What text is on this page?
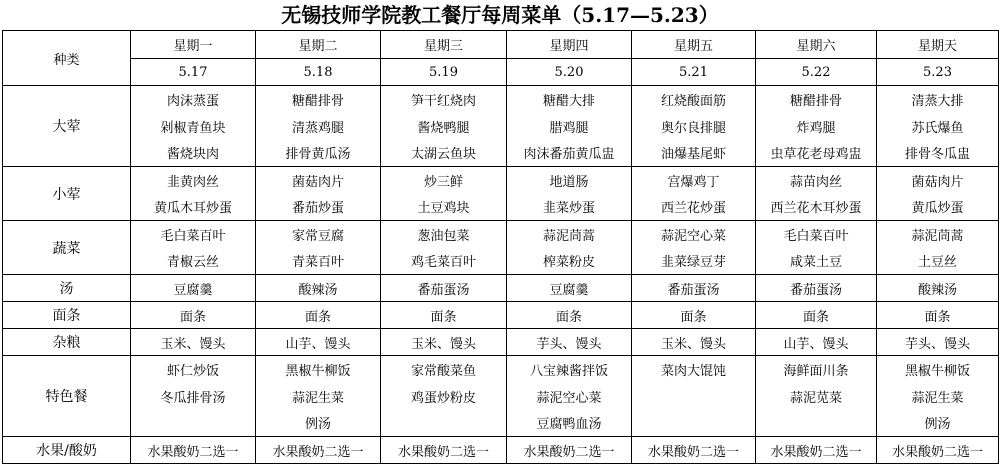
无锡技师学院教工餐厅每周菜单（5.17—5.23）
种类	星期一	星期二	星期三	星期四	星期五	星期六	星期天
	5.17	5.18	5.19	5.20	5.21	5.22	5.23
大荤	肉沫蒸蛋	糖醋排骨	笋干红烧肉	糖醋大排	红烧酸面筋	糖醋排骨	清蒸大排
	剁椒青鱼块	清蒸鸡腿	酱烧鸭腿	腊鸡腿	奥尔良排腿	炸鸡腿	苏氏爆鱼
	酱烧块肉	排骨黄瓜汤	太湖云鱼块	肉沫番茄黄瓜盅	油爆基尾虾	虫草花老母鸡盅	排骨冬瓜盅
小荤	韭黄肉丝	菌菇肉片	炒三鲜	地道肠	宫爆鸡丁	蒜苗肉丝	菌菇肉片
	黄瓜木耳炒蛋	番茄炒蛋	土豆鸡块	韭菜炒蛋	西兰花炒蛋	西兰花木耳炒蛋	黄瓜炒蛋
蔬菜	毛白菜百叶	家常豆腐	葱油包菜	蒜泥茼蒿	蒜泥空心菜	毛白菜百叶	蒜泥茼蒿
	青椒云丝	青菜百叶	鸡毛菜百叶	榨菜粉皮	韭菜绿豆芽	咸菜土豆	土豆丝
汤	豆腐羹	酸辣汤	番茄蛋汤	豆腐羹	番茄蛋汤	番茄蛋汤	酸辣汤
面条	面条	面条	面条	面条	面条	面条	面条
杂粮	玉米、馒头	山芋、馒头	玉米、馒头	芋头、馒头	玉米、馒头	山芋、馒头	芋头、馒头
特色餐	虾仁炒饭	黑椒牛柳饭	家常酸菜鱼	八宝辣酱拌饭	菜肉大馄饨	海鲜面川条	黑椒牛柳饭
	冬瓜排骨汤	蒜泥生菜	鸡蛋炒粉皮	蒜泥空心菜		蒜泥苋菜	蒜泥生菜
		例汤		豆腐鸭血汤			例汤
水果/酸奶	水果酸奶二选一	水果酸奶二选一	水果酸奶二选一	水果酸奶二选一	水果酸奶二选一	水果酸奶二选一	水果酸奶二选一
